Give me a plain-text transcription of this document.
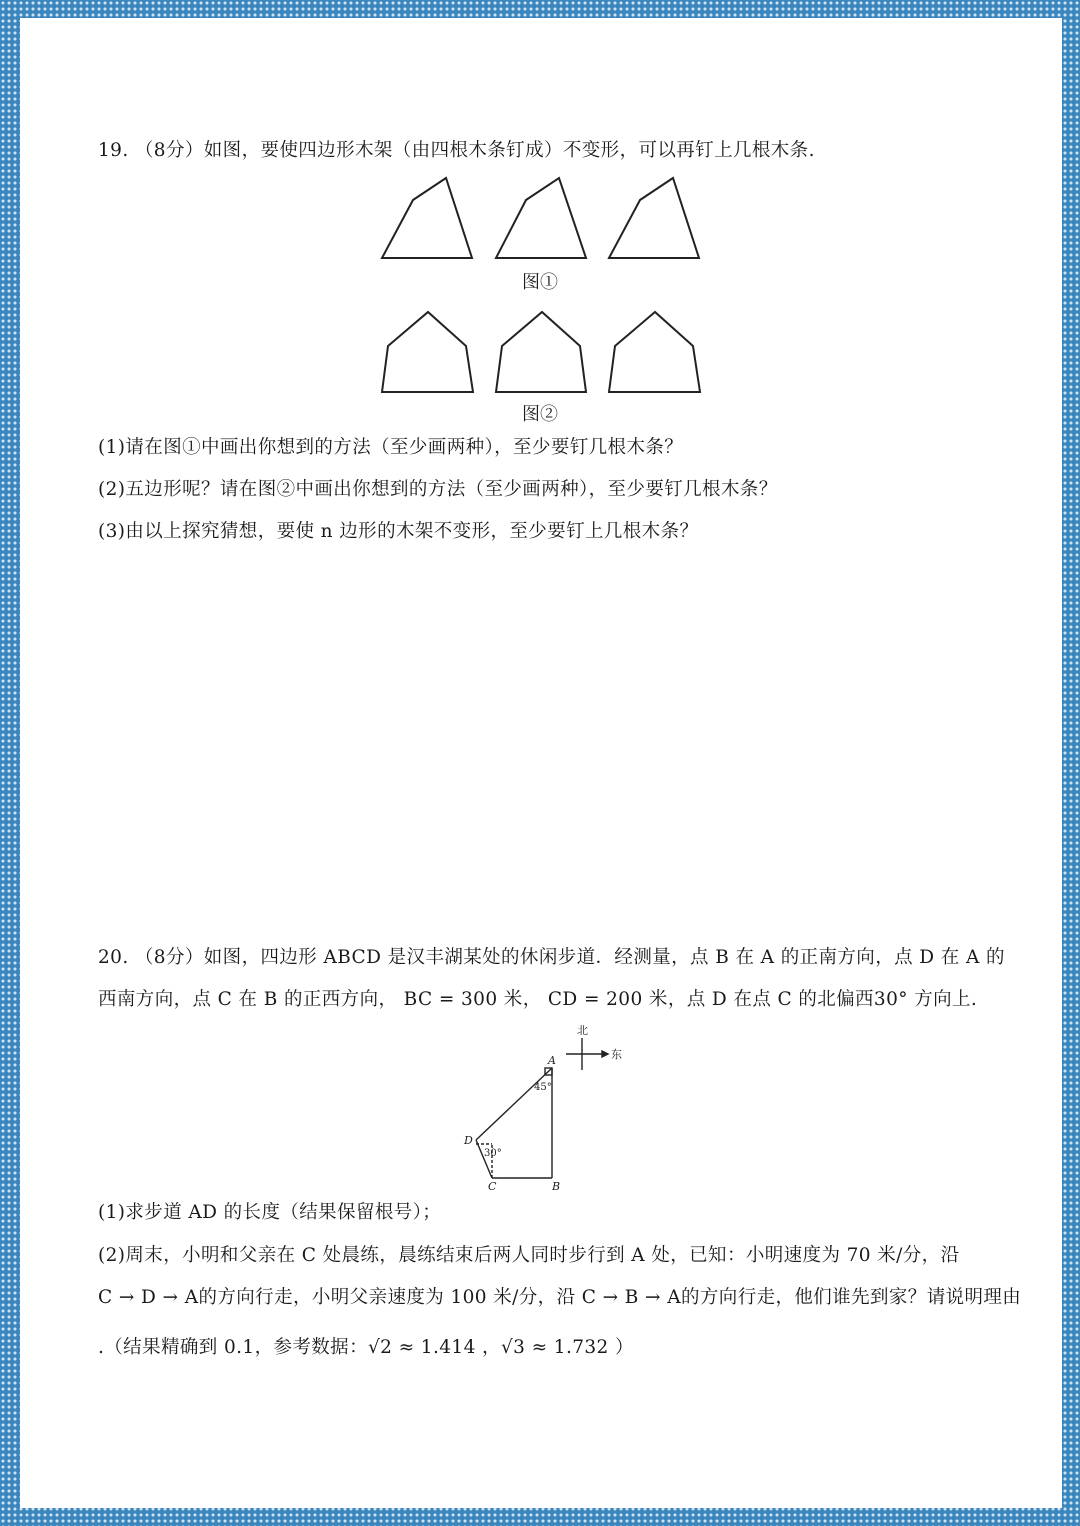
19. （8分）如图，要使四边形木架（由四根木条钉成）不变形，可以再钉上几根木条.
图①
图②
(1)请在图①中画出你想到的方法（至少画两种），至少要钉几根木条？
(2)五边形呢？请在图②中画出你想到的方法（至少画两种），至少要钉几根木条？
(3)由以上探究猜想，要使 n 边形的木架不变形，至少要钉上几根木条？
20. （8分）如图，四边形 ABCD 是汉丰湖某处的休闲步道．经测量，点 B 在 A 的正南方向，点 D 在 A 的
西南方向，点 C 在 B 的正西方向， BC = 300 米， CD = 200 米，点 D 在点 C 的北偏西30° 方向上.
北
东
A
B
C
D
45°
30°
(1)求步道 AD 的长度（结果保留根号）；
(2)周末，小明和父亲在 C 处晨练，晨练结束后两人同时步行到 A 处，已知：小明速度为 70 米/分，沿
C → D → A的方向行走，小明父亲速度为 100 米/分，沿 C → B → A的方向行走，他们谁先到家？请说明理由
.（结果精确到 0.1，参考数据：√2 ≈ 1.414 ，√3 ≈ 1.732 ）
